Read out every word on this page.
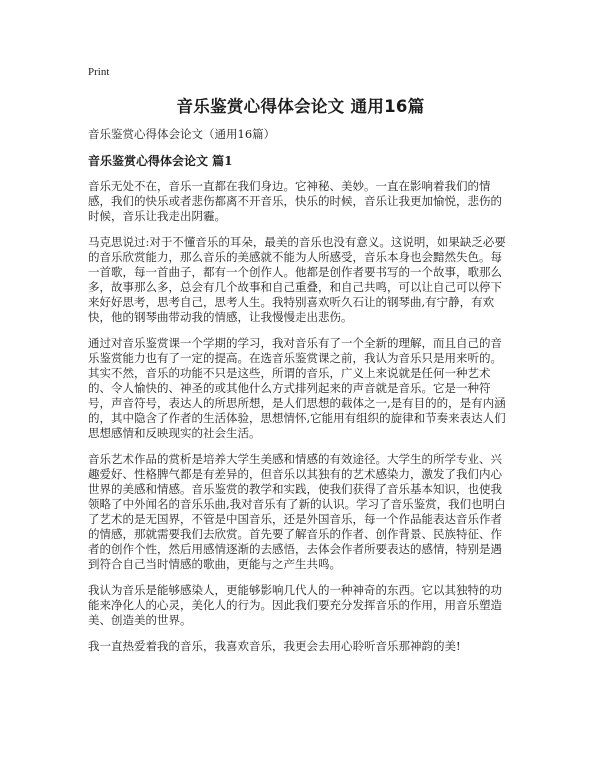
Print
音乐鉴赏心得体会论文 通用16篇
音乐鉴赏心得体会论文（通用16篇）
音乐鉴赏心得体会论文 篇1

音乐无处不在，音乐一直都在我们身边。它神秘、美妙。一直在影响着我们的情感，我们的快乐或者悲伤都离不开音乐，快乐的时候，音乐让我更加愉悦，悲伤的时候，音乐让我走出阴霾。

马克思说过:对于不懂音乐的耳朵，最美的音乐也没有意义。这说明，如果缺乏必要的音乐欣赏能力，那么音乐的美感就不能为人所感受，音乐本身也会黯然失色。每一首歌，每一首曲子，都有一个创作人。他都是创作者要书写的一个故事，歌那么多，故事那么多，总会有几个故事和自己重叠，和自己共鸣，可以让自己可以停下来好好思考，思考自己，思考人生。我特别喜欢听久石让的钢琴曲,有宁静，有欢快，他的钢琴曲带动我的情感，让我慢慢走出悲伤。

通过对音乐鉴赏课一个学期的学习，我对音乐有了一个全新的理解，而且自己的音乐鉴赏能力也有了一定的提高。在选音乐鉴赏课之前，我认为音乐只是用来听的。其实不然，音乐的功能不只是这些，所谓的音乐，广义上来说就是任何一种艺术的、令人愉快的、神圣的或其他什么方式排列起来的声音就是音乐。它是一种符号，声音符号，表达人的所思所想，是人们思想的载体之一,是有目的的，是有内涵的，其中隐含了作者的生活体验，思想情怀,它能用有组织的旋律和节奏来表达人们思想感情和反映现实的社会生活。

音乐艺术作品的赏析是培养大学生美感和情感的有效途径。大学生的所学专业、兴趣爱好、性格脾气都是有差异的，但音乐以其独有的艺术感染力，激发了我们内心世界的美感和情感。音乐鉴赏的教学和实践，使我们获得了音乐基本知识，也使我领略了中外闻名的音乐乐曲,我对音乐有了新的认识。学习了音乐鉴赏，我们也明白了艺术的是无国界，不管是中国音乐，还是外国音乐，每一个作品能表达音乐作者的情感，那就需要我们去欣赏。首先要了解音乐的作者、创作背景、民族特征、作者的创作个性，然后用感情逐渐的去感悟，去体会作者所要表达的感情，特别是遇到符合自己当时情感的歌曲，更能与之产生共鸣。

我认为音乐是能够感染人，更能够影响几代人的一种神奇的东西。它以其独特的功能来净化人的心灵，美化人的行为。因此我们要充分发挥音乐的作用，用音乐塑造美、创造美的世界。

我一直热爱着我的音乐，我喜欢音乐，我更会去用心聆听音乐那神韵的美!
